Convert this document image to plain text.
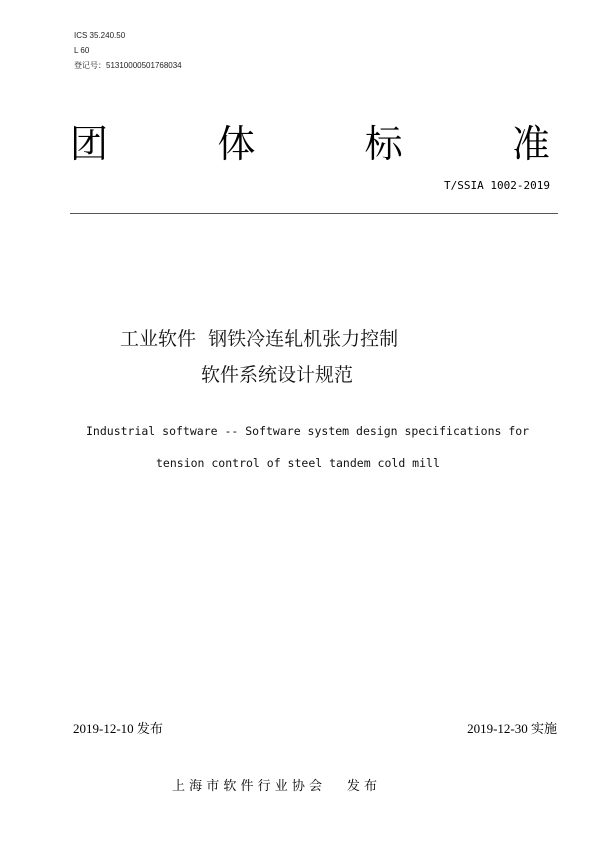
ICS 35.240.50
L 60
登记号：51310000501768034
团	体	标	准
T/SSIA 1002-2019
工业软件  钢铁冷连轧机张力控制
软件系统设计规范
Industrial software -- Software system design specifications for
tension control of steel tandem cold mill
2019-12-10 发布	2019-12-30 实施
上 海 市 软 件 行 业 协 会      发 布
